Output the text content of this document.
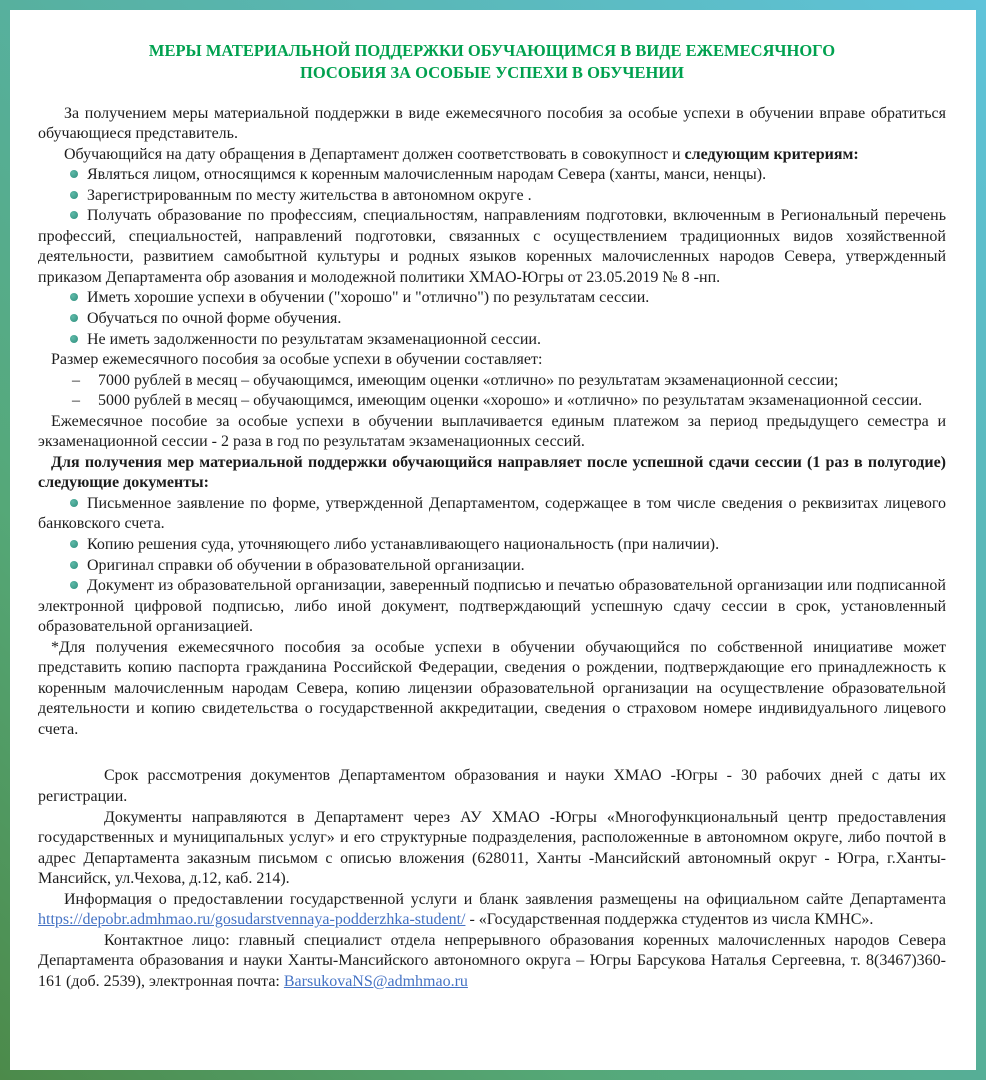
МЕРЫ МАТЕРИАЛЬНОЙ ПОДДЕРЖКИ ОБУЧАЮЩИМСЯ В ВИДЕ ЕЖЕМЕСЯЧНОГО
ПОСОБИЯ ЗА ОСОБЫЕ УСПЕХИ В ОБУЧЕНИИ

За получением меры материальной поддержки в виде ежемесячного пособия за особые успехи в обучении вправе обратиться обучающиеся представитель.

Обучающийся на дату обращения в Департамент должен соответствовать в совокупност и следующим критериям:

Являться лицом, относящимся к коренным малочисленным народам Севера (ханты, манси, ненцы).

Зарегистрированным по месту жительства в автономном округе .

Получать образование по профессиям, специальностям, направлениям подготовки, включенным в Региональный перечень профессий, специальностей, направлений подготовки, связанных с осуществлением традиционных видов хозяйственной деятельности, развитием самобытной культуры и родных языков коренных малочисленных народов Севера, утвержденный приказом Департамента обр азования и молодежной политики ХМАО-Югры от 23.05.2019 № 8 -нп.

Иметь хорошие успехи в обучении ("хорошо" и "отлично") по результатам сессии.

Обучаться по очной форме обучения.

Не иметь задолженности по результатам экзаменационной сессии.

Размер ежемесячного пособия за особые успехи в обучении составляет:

– 7000 рублей в месяц – обучающимся, имеющим оценки «отлично» по результатам экзаменационной сессии;

– 5000 рублей в месяц – обучающимся, имеющим оценки «хорошо» и «отлично» по результатам экзаменационной сессии.

Ежемесячное пособие за особые успехи в обучении выплачивается единым платежом за период предыдущего семестра и экзаменационной сессии - 2 раза в год по результатам экзаменационных сессий.

Для получения мер материальной поддержки обучающийся направляет после успешной сдачи сессии (1 раз в полугодие) следующие документы:

Письменное заявление по форме, утвержденной Департаментом, содержащее в том числе сведения о реквизитах лицевого банковского счета.

Копию решения суда, уточняющего либо устанавливающего национальность (при наличии).

Оригинал справки об обучении в образовательной организации.

Документ из образовательной организации, заверенный подписью и печатью образовательной организации или подписанной электронной цифровой подписью, либо иной документ, подтверждающий успешную сдачу сессии в срок, установленный образовательной организацией.

*Для получения ежемесячного пособия за особые успехи в обучении обучающийся по собственной инициативе может представить копию паспорта гражданина Российской Федерации, сведения о рождении, подтверждающие его принадлежность к коренным малочисленным народам Севера, копию лицензии образовательной организации на осуществление образовательной деятельности и копию свидетельства о государственной аккредитации, сведения о страховом номере индивидуального лицевого счета.

Срок рассмотрения документов Департаментом образования и науки ХМАО -Югры - 30 рабочих дней с даты их регистрации.

Документы направляются в Департамент через АУ ХМАО -Югры «Многофункциональный центр предоставления государственных и муниципальных услуг» и его структурные подразделения, расположенные в автономном округе, либо почтой в адрес Департамента заказным письмом с описью вложения (628011, Ханты -Мансийский автономный округ - Югра, г.Ханты-Мансийск, ул.Чехова, д.12, каб. 214).

Информация о предоставлении государственной услуги и бланк заявления размещены на официальном сайте Департамента https://depobr.admhmao.ru/gosudarstvennaya-podderzhka-student/ - «Государственная поддержка студентов из числа КМНС».

Контактное лицо: главный специалист отдела непрерывного образования коренных малочисленных народов Севера Департамента образования и науки Ханты-Мансийского автономного округа – Югры Барсукова Наталья Сергеевна, т. 8(3467)360-161 (доб. 2539), электронная почта: BarsukovaNS@admhmao.ru
